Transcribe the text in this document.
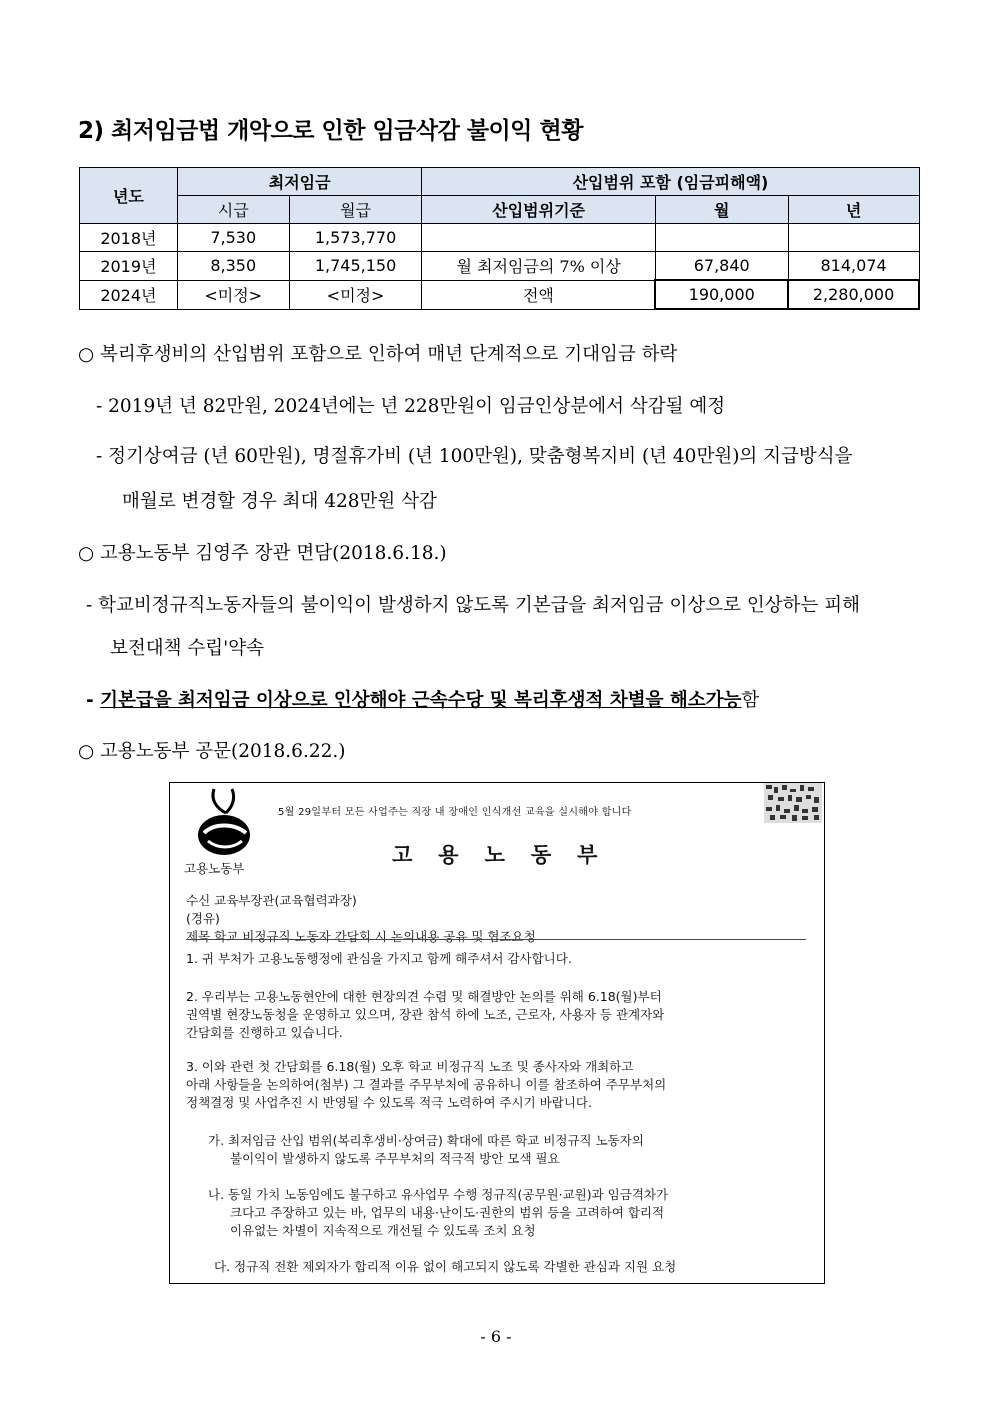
2) 최저임금법 개악으로 인한 임금삭감 불이익 현황
년도	최저임금		산입범위 포함 (임금피해액)		
	시급	월급	산입범위기준	월	년
2018년	7,530	1,573,770			
2019년	8,350	1,745,150	월 최저임금의 7% 이상	67,840	814,074
2024년	<미정>	<미정>	전액	190,000	2,280,000
○ 복리후생비의 산입범위 포함으로 인하여 매년 단계적으로 기대임금 하락
- 2019년 년 82만원, 2024년에는 년 228만원이 임금인상분에서 삭감될 예정
- 정기상여금 (년 60만원), 명절휴가비 (년 100만원), 맞춤형복지비 (년 40만원)의 지급방식을
매월로 변경할 경우 최대 428만원 삭감
○ 고용노동부 김영주 장관 면담(2018.6.18.)
- 학교비정규직노동자들의 불이익이 발생하지 않도록 기본급을 최저임금 이상으로 인상하는 피해
보전대책 수립'약속
- 기본급을 최저임금 이상으로 인상해야 근속수당 및 복리후생적 차별을 해소가능함
○ 고용노동부 공문(2018.6.22.)
고용노동부
5월 29일부터 모든 사업주는 직장 내 장애인 인식개선 교육을 실시해야 합니다
고용노동부
수신 교육부장관(교육협력과장)
(경유)
제목 학교 비정규직 노동자 간담회 시 논의내용 공유 및 협조요청
1. 귀 부처가 고용노동행정에 관심을 가지고 함께 해주셔서 감사합니다.
2. 우리부는 고용노동현안에 대한 현장의견 수렴 및 해결방안 논의를 위해 6.18(월)부터
권역별 현장노동청을 운영하고 있으며, 장관 참석 하에 노조, 근로자, 사용자 등 관계자와
간담회를 진행하고 있습니다.
3. 이와 관련 첫 간담회를 6.18(월) 오후 학교 비정규직 노조 및 종사자와 개최하고
아래 사항들을 논의하여(첨부) 그 결과를 주무부처에 공유하니 이를 참조하여 주무부처의
정책결정 및 사업추진 시 반영될 수 있도록 적극 노력하여 주시기 바랍니다.
가. 최저임금 산입 범위(복리후생비·상여금) 확대에 따른 학교 비정규직 노동자의
불이익이 발생하지 않도록 주무부처의 적극적 방안 모색 필요
나. 동일 가치 노동임에도 불구하고 유사업무 수행 정규직(공무원·교원)과 임금격차가
크다고 주장하고 있는 바, 업무의 내용·난이도·권한의 범위 등을 고려하여 합리적
이유없는 차별이 지속적으로 개선될 수 있도록 조치 요청
다. 정규직 전환 제외자가 합리적 이유 없이 해고되지 않도록 각별한 관심과 지원 요청
- 6 -
